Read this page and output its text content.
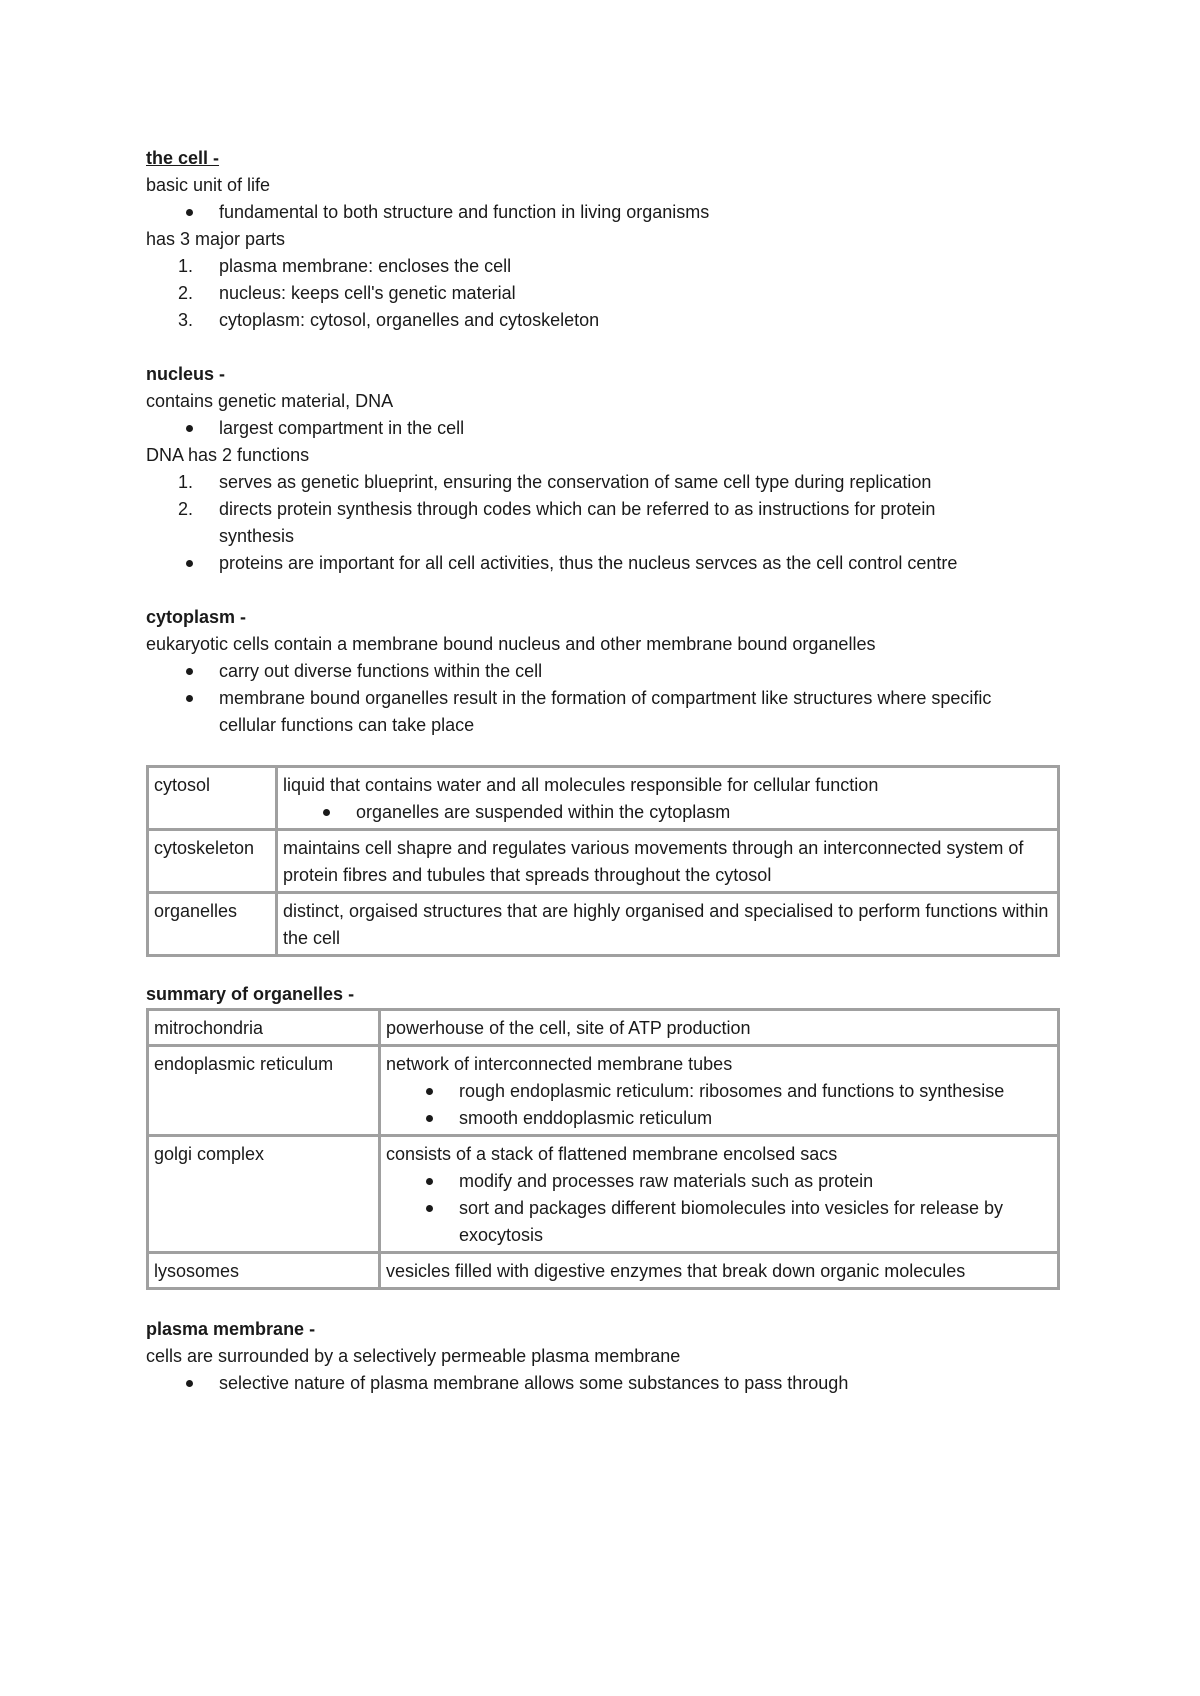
the cell -

basic unit of life

fundamental to both structure and function in living organisms

has 3 major parts

1.	plasma membrane: encloses the cell
2.	nucleus: keeps cell's genetic material
3.	cytoplasm: cytosol, organelles and cytoskeleton

nucleus -

contains genetic material, DNA

largest compartment in the cell

DNA has 2 functions

1.	serves as genetic blueprint, ensuring the conservation of same cell type during replication
2.	directs protein synthesis through codes which can be referred to as instructions for protein synthesis
proteins are important for all cell activities, thus the nucleus servces as the cell control centre

cytoplasm -

eukaryotic cells contain a membrane bound nucleus and other membrane bound organelles

carry out diverse functions within the cell
membrane bound organelles result in the formation of compartment like structures where specific cellular functions can take place
cytosol	liquid that contains water and all molecules responsible for cellular function
organelles are suspended within the cytoplasm

cytoskeleton	maintains cell shapre and regulates various movements through an interconnected system of protein fibres and tubules that spreads throughout the cytosol
organelles	distinct, orgaised structures that are highly organised and specialised to perform functions within the cell

summary of organelles -

mitrochondria	powerhouse of the cell, site of ATP production
endoplasmic reticulum	network of interconnected membrane tubes
rough endoplasmic reticulum: ribosomes and functions to synthesise
smooth enddoplasmic reticulum

golgi complex	consists of a stack of flattened membrane encolsed sacs
modify and processes raw materials such as protein
sort and packages different biomolecules into vesicles for release by exocytosis

lysosomes	vesicles filled with digestive enzymes that break down organic molecules

plasma membrane -

cells are surrounded by a selectively permeable plasma membrane

selective nature of plasma membrane allows some substances to pass through
